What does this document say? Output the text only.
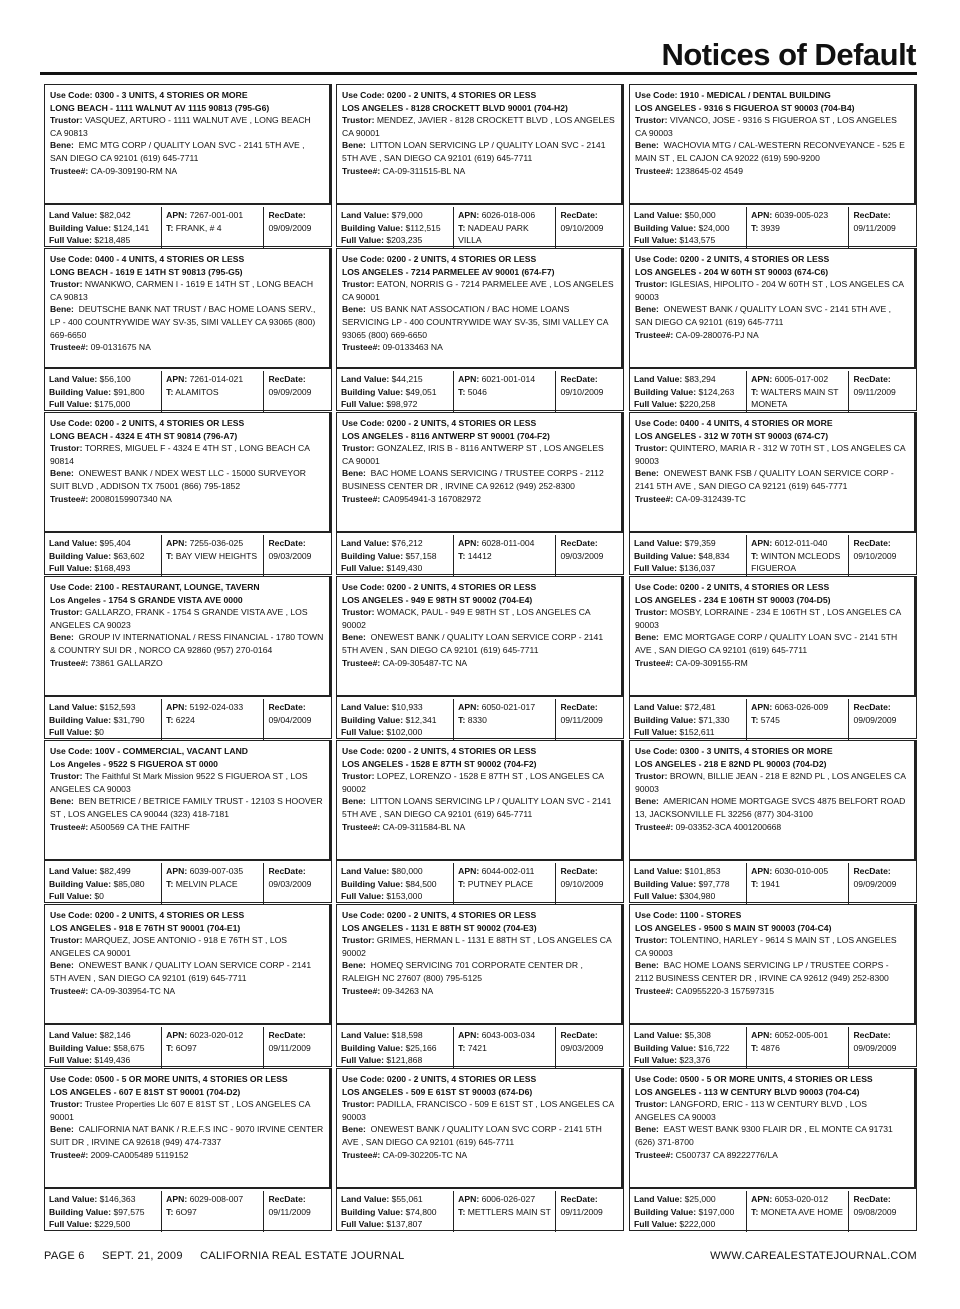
Notices of Default
Use Code: 0300 - 3 UNITS, 4 STORIES OR MORE
LONG BEACH - 1111 WALNUT AV 1115 90813 (795-G6)
Trustor: VASQUEZ, ARTURO - 1111 WALNUT AVE , LONG BEACH CA 90813
Bene: EMC MTG CORP / QUALITY LOAN SVC - 2141 5TH AVE , SAN DIEGO CA 92101 (619) 645-7711
Trustee#: CA-09-309190-RM NA
Land Value: $82,042
Building Value: $124,141
Full Value: $218,485
APN: 7267-001-001
T: FRANK, # 4
RecDate:
09/09/2009
Use Code: 0400 - 4 UNITS, 4 STORIES OR LESS
LONG BEACH - 1619 E 14TH ST 90813 (795-G5)
Trustor: NWANKWO, CARMEN I - 1619 E 14TH ST , LONG BEACH CA 90813
Bene: DEUTSCHE BANK NAT TRUST / BAC HOME LOANS SERV., LP - 400 COUNTRYWIDE WAY SV-35, SIMI VALLEY CA 93065 (800) 669-6650
Trustee#: 09-0131675 NA
Land Value: $56,100
Building Value: $91,800
Full Value: $175,000
APN: 7261-014-021
T: ALAMITOS
RecDate:
09/09/2009
Use Code: 0200 - 2 UNITS, 4 STORIES OR LESS
LONG BEACH - 4324 E 4TH ST 90814 (796-A7)
Trustor: TORRES, MIGUEL F - 4324 E 4TH ST , LONG BEACH CA 90814
Bene: ONEWEST BANK / NDEX WEST LLC - 15000 SURVEYOR SUIT BLVD , ADDISON TX 75001 (866) 795-1852
Trustee#: 20080159907340 NA
Land Value: $95,404
Building Value: $63,602
Full Value: $168,493
APN: 7255-036-025
T: BAY VIEW HEIGHTS
RecDate:
09/03/2009
Use Code: 2100 - RESTAURANT, LOUNGE, TAVERN
Los Angeles - 1754 S GRANDE VISTA AVE 0000
Trustor: GALLARZO, FRANK - 1754 S GRANDE VISTA AVE , LOS ANGELES CA 90023
Bene: GROUP IV INTERNATIONAL / RESS FINANCIAL - 1780 TOWN & COUNTRY SUI DR , NORCO CA 92860 (957) 270-0164
Trustee#: 73861 GALLARZO
Land Value: $152,593
Building Value: $31,790
Full Value: $0
APN: 5192-024-033
T: 6224
RecDate:
09/04/2009
Use Code: 100V - COMMERCIAL, VACANT LAND
Los Angeles - 9522 S FIGUEROA ST 0000
Trustor: The Faithful St Mark Mission 9522 S FIGUEROA ST , LOS ANGELES CA 90003
Bene: BEN BETRICE / BETRICE FAMILY TRUST - 12103 S HOOVER ST , LOS ANGELES CA 90044 (323) 418-7181
Trustee#: A500569 CA THE FAITHF
Land Value: $82,499
Building Value: $85,080
Full Value: $0
APN: 6039-007-035
T: MELVIN PLACE
RecDate:
09/03/2009
Use Code: 0200 - 2 UNITS, 4 STORIES OR LESS
LOS ANGELES - 918 E 76TH ST 90001 (704-E1)
Trustor: MARQUEZ, JOSE ANTONIO - 918 E 76TH ST , LOS ANGELES CA 90001
Bene: ONEWEST BANK / QUALITY LOAN SERVICE CORP - 2141 5TH AVEN , SAN DIEGO CA 92101 (619) 645-7711
Trustee#: CA-09-303954-TC NA
Land Value: $82,146
Building Value: $58,675
Full Value: $149,436
APN: 6023-020-012
T: 6O97
RecDate:
09/11/2009
Use Code: 0500 - 5 OR MORE UNITS, 4 STORIES OR LESS
LOS ANGELES - 607 E 81ST ST 90001 (704-D2)
Trustor: Trustee Properties Llc 607 E 81ST ST , LOS ANGELES CA 90001
Bene: CALIFORNIA NAT BANK / R.E.F.S INC - 9070 IRVINE CENTER SUIT DR , IRVINE CA 92618 (949) 474-7337
Trustee#: 2009-CA005489 5119152
Land Value: $146,363
Building Value: $97,575
Full Value: $229,500
APN: 6029-008-007
T: 6O97
RecDate:
09/11/2009
Use Code: 0200 - 2 UNITS, 4 STORIES OR LESS
LOS ANGELES - 8128 CROCKETT BLVD 90001 (704-H2)
Trustor: MENDEZ, JAVIER - 8128 CROCKETT BLVD , LOS ANGELES CA 90001
Bene: LITTON LOAN SERVICING LP / QUALITY LOAN SVC - 2141 5TH AVE , SAN DIEGO CA 92101 (619) 645-7711
Trustee#: CA-09-311515-BL NA
Land Value: $79,000
Building Value: $112,515
Full Value: $203,235
APN: 6026-018-006
T: NADEAU PARK VILLA
RecDate:
09/10/2009
Use Code: 0200 - 2 UNITS, 4 STORIES OR LESS
LOS ANGELES - 7214 PARMELEE AV 90001 (674-F7)
Trustor: EATON, NORRIS G - 7214 PARMELEE AVE , LOS ANGELES CA 90001
Bene: US BANK NAT ASSOCATION / BAC HOME LOANS SERVICING LP - 400 COUNTRYWIDE WAY SV-35, SIMI VALLEY CA 93065 (800) 669-6650
Trustee#: 09-0133463 NA
Land Value: $44,215
Building Value: $49,051
Full Value: $98,972
APN: 6021-001-014
T: 5046
RecDate:
09/10/2009
Use Code: 0200 - 2 UNITS, 4 STORIES OR LESS
LOS ANGELES - 8116 ANTWERP ST 90001 (704-F2)
Trustor: GONZALEZ, IRIS B - 8116 ANTWERP ST , LOS ANGELES CA 90001
Bene: BAC HOME LOANS SERVICING / TRUSTEE CORPS - 2112 BUSINESS CENTER DR , IRVINE CA 92612 (949) 252-8300
Trustee#: CA0954941-3 167082972
Land Value: $76,212
Building Value: $57,158
Full Value: $149,430
APN: 6028-011-004
T: 14412
RecDate:
09/03/2009
Use Code: 0200 - 2 UNITS, 4 STORIES OR LESS
LOS ANGELES - 949 E 98TH ST 90002 (704-E4)
Trustor: WOMACK, PAUL - 949 E 98TH ST , LOS ANGELES CA 90002
Bene: ONEWEST BANK / QUALITY LOAN SERVICE CORP - 2141 5TH AVEN , SAN DIEGO CA 92101 (619) 645-7711
Trustee#: CA-09-305487-TC NA
Land Value: $10,933
Building Value: $12,341
Full Value: $102,000
APN: 6050-021-017
T: 8330
RecDate:
09/11/2009
Use Code: 0200 - 2 UNITS, 4 STORIES OR LESS
LOS ANGELES - 1528 E 87TH ST 90002 (704-F2)
Trustor: LOPEZ, LORENZO - 1528 E 87TH ST , LOS ANGELES CA 90002
Bene: LITTON LOANS SERVICING LP / QUALITY LOAN SVC - 2141 5TH AVE , SAN DIEGO CA 92101 (619) 645-7711
Trustee#: CA-09-311584-BL NA
Land Value: $80,000
Building Value: $84,500
Full Value: $153,000
APN: 6044-002-011
T: PUTNEY PLACE
RecDate:
09/10/2009
Use Code: 0200 - 2 UNITS, 4 STORIES OR LESS
LOS ANGELES - 1131 E 88TH ST 90002 (704-E3)
Trustor: GRIMES, HERMAN L - 1131 E 88TH ST , LOS ANGELES CA 90002
Bene: HOMEQ SERVICING 701 CORPORATE CENTER DR , RALEIGH NC 27607 (800) 795-5125
Trustee#: 09-34263 NA
Land Value: $18,598
Building Value: $25,166
Full Value: $121,868
APN: 6043-003-034
T: 7421
RecDate:
09/03/2009
Use Code: 0200 - 2 UNITS, 4 STORIES OR LESS
LOS ANGELES - 509 E 61ST ST 90003 (674-D6)
Trustor: PADILLA, FRANCISCO - 509 E 61ST ST , LOS ANGELES CA 90003
Bene: ONEWEST BANK / QUALITY LOAN SVC CORP - 2141 5TH AVE , SAN DIEGO CA 92101 (619) 645-7711
Trustee#: CA-09-302205-TC NA
Land Value: $55,061
Building Value: $74,800
Full Value: $137,807
APN: 6006-026-027
T: METTLERS MAIN ST
RecDate:
09/11/2009
Use Code: 1910 - MEDICAL / DENTAL BUILDING
LOS ANGELES - 9316 S FIGUEROA ST 90003 (704-B4)
Trustor: VIVANCO, JOSE - 9316 S FIGUEROA ST , LOS ANGELES CA 90003
Bene: WACHOVIA MTG / CAL-WESTERN RECONVEYANCE - 525 E MAIN ST , EL CAJON CA 92022 (619) 590-9200
Trustee#: 1238645-02 4549
Land Value: $50,000
Building Value: $24,000
Full Value: $143,575
APN: 6039-005-023
T: 3939
RecDate:
09/11/2009
Use Code: 0200 - 2 UNITS, 4 STORIES OR LESS
LOS ANGELES - 204 W 60TH ST 90003 (674-C6)
Trustor: IGLESIAS, HIPOLITO - 204 W 60TH ST , LOS ANGELES CA 90003
Bene: ONEWEST BANK / QUALITY LOAN SVC - 2141 5TH AVE , SAN DIEGO CA 92101 (619) 645-7711
Trustee#: CA-09-280076-PJ NA
Land Value: $83,294
Building Value: $124,263
Full Value: $220,258
APN: 6005-017-002
T: WALTERS MAIN ST MONETA
RecDate:
09/11/2009
Use Code: 0400 - 4 UNITS, 4 STORIES OR MORE
LOS ANGELES - 312 W 70TH ST 90003 (674-C7)
Trustor: QUINTERO, MARIA R - 312 W 70TH ST , LOS ANGELES CA 90003
Bene: ONEWEST BANK FSB / QUALITY LOAN SERVICE CORP - 2141 5TH AVE , SAN DIEGO CA 92121 (619) 645-7771
Trustee#: CA-09-312439-TC
Land Value: $79,359
Building Value: $48,834
Full Value: $136,037
APN: 6012-011-040
T: WINTON MCLEODS FIGUEROA
RecDate:
09/10/2009
Use Code: 0200 - 2 UNITS, 4 STORIES OR LESS
LOS ANGELES - 234 E 106TH ST 90003 (704-D5)
Trustor: MOSBY, LORRAINE - 234 E 106TH ST , LOS ANGELES CA 90003
Bene: EMC MORTGAGE CORP / QUALITY LOAN SVC - 2141 5TH AVE , SAN DIEGO CA 92101 (619) 645-7711
Trustee#: CA-09-309155-RM
Land Value: $72,481
Building Value: $71,330
Full Value: $152,611
APN: 6063-026-009
T: 5745
RecDate:
09/09/2009
Use Code: 0300 - 3 UNITS, 4 STORIES OR MORE
LOS ANGELES - 218 E 82ND PL 90003 (704-D2)
Trustor: BROWN, BILLIE JEAN - 218 E 82ND PL , LOS ANGELES CA 90003
Bene: AMERICAN HOME MORTGAGE SVCS 4875 BELFORT ROAD 13, JACKSONVILLE FL 32256 (877) 304-3100
Trustee#: 09-03352-3CA 4001200668
Land Value: $101,853
Building Value: $97,778
Full Value: $304,980
APN: 6030-010-005
T: 1941
RecDate:
09/09/2009
Use Code: 1100 - STORES
LOS ANGELES - 9500 S MAIN ST 90003 (704-C4)
Trustor: TOLENTINO, HARLEY - 9614 S MAIN ST , LOS ANGELES CA 90003
Bene: BAC HOME LOANS SERVICING LP / TRUSTEE CORPS - 2112 BUSINESS CENTER DR , IRVINE CA 92612 (949) 252-8300
Trustee#: CA0955220-3 157597315
Land Value: $5,308
Building Value: $16,722
Full Value: $23,376
APN: 6052-005-001
T: 4876
RecDate:
09/09/2009
Use Code: 0500 - 5 OR MORE UNITS, 4 STORIES OR LESS
LOS ANGELES - 113 W CENTURY BLVD 90003 (704-C4)
Trustor: LANGFORD, ERIC - 113 W CENTURY BLVD , LOS ANGELES CA 90003
Bene: EAST WEST BANK 9300 FLAIR DR , EL MONTE CA 91731 (626) 371-8700
Trustee#: C500737 CA 89222776/LA
Land Value: $25,000
Building Value: $197,000
Full Value: $222,000
APN: 6053-020-012
T: MONETA AVE HOME
RecDate:
09/08/2009
PAGE 6 SEPT. 21, 2009 CALIFORNIA REAL ESTATE JOURNAL	WWW.CAREALESTATEJOURNAL.COM
